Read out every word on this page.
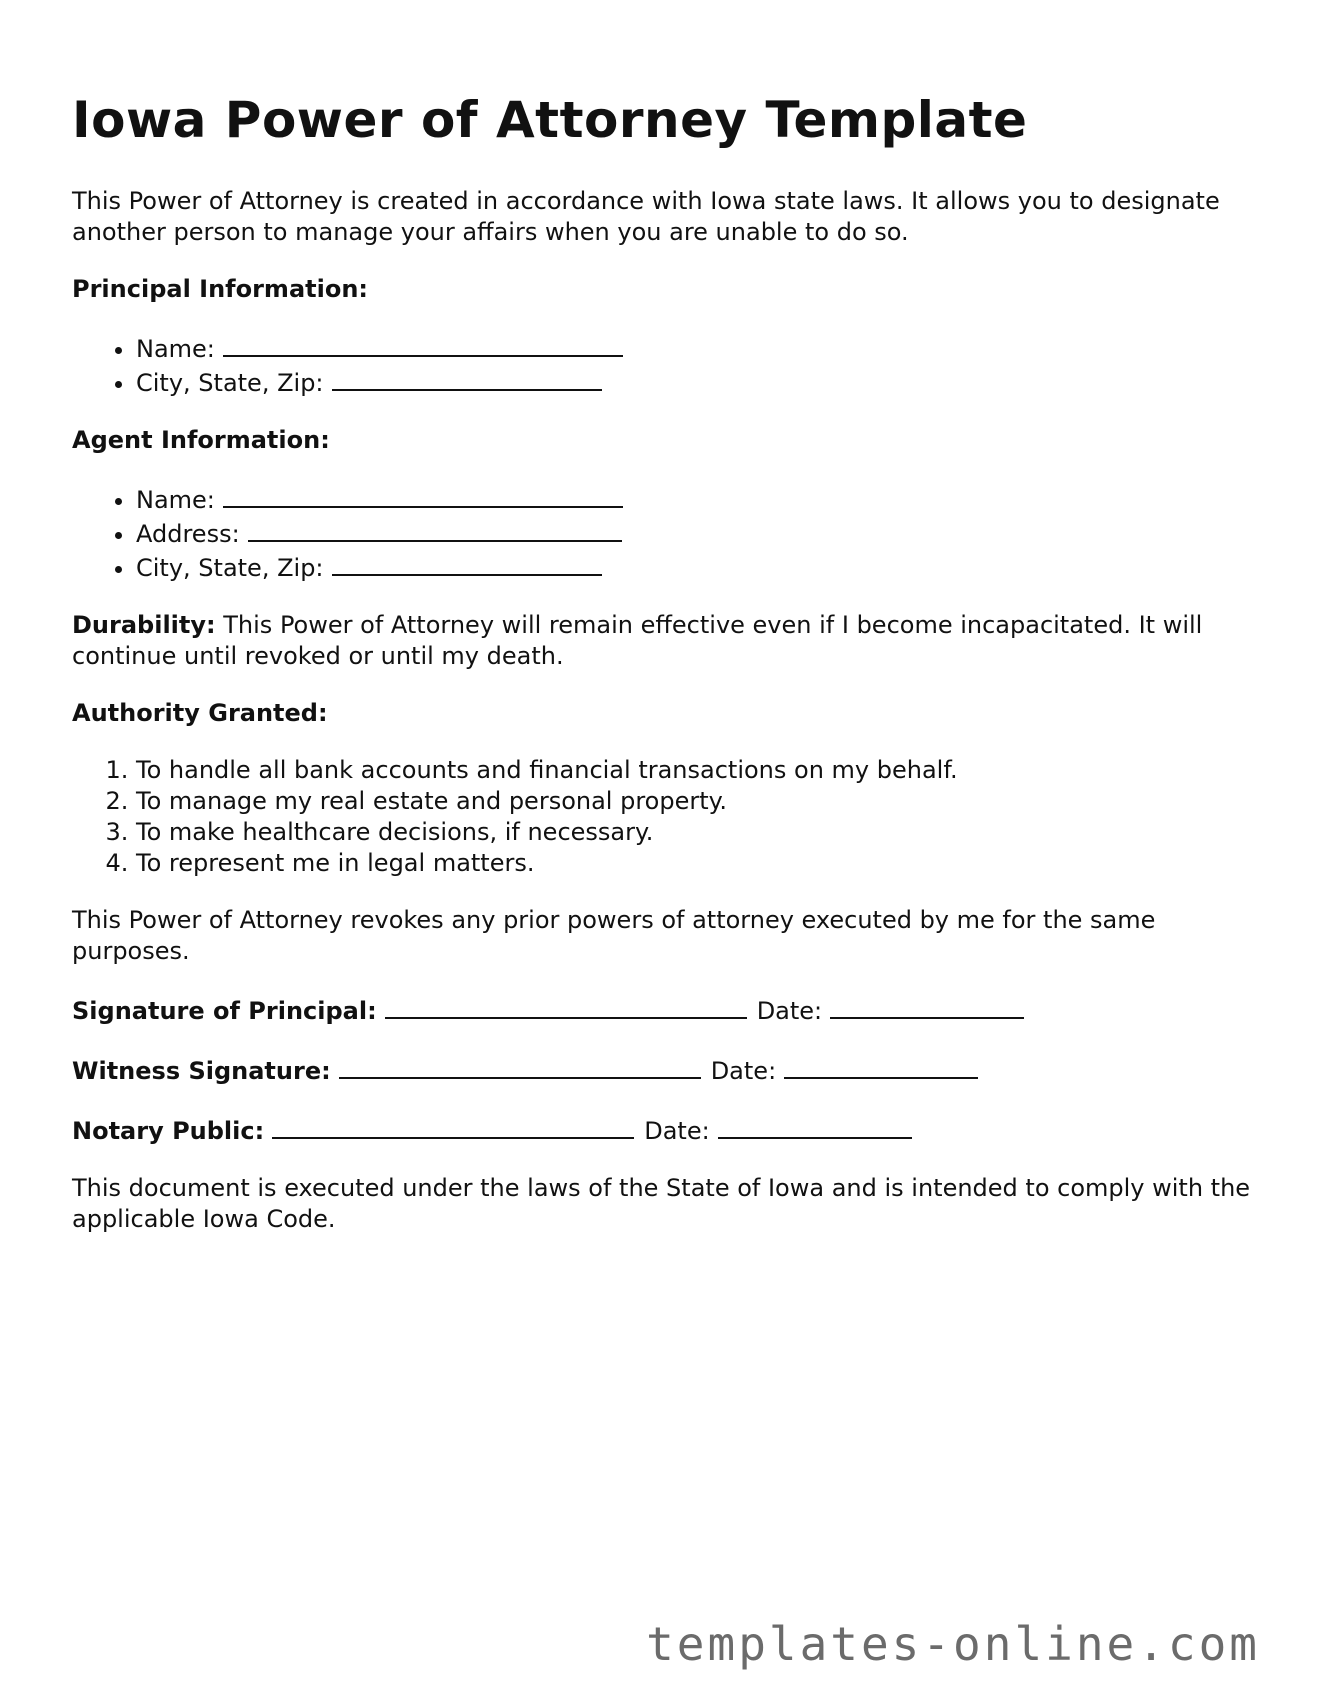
Iowa Power of Attorney Template

This Power of Attorney is created in accordance with Iowa state laws. It allows you to designate another person to manage your affairs when you are unable to do so.

Principal Information:
• Name:
• City, State, Zip:
Agent Information:
• Name:
• Address:
• City, State, Zip:

Durability: This Power of Attorney will remain effective even if I become incapacitated. It will continue until revoked or until my death.

Authority Granted:
1. To handle all bank accounts and financial transactions on my behalf.
2. To manage my real estate and personal property.
3. To make healthcare decisions, if necessary.
4. To represent me in legal matters.

This Power of Attorney revokes any prior powers of attorney executed by me for the same purposes.

Signature of Principal:	Date:
Witness Signature:	Date:
Notary Public:	Date:

This document is executed under the laws of the State of Iowa and is intended to comply with the applicable Iowa Code.

templates-online.com
